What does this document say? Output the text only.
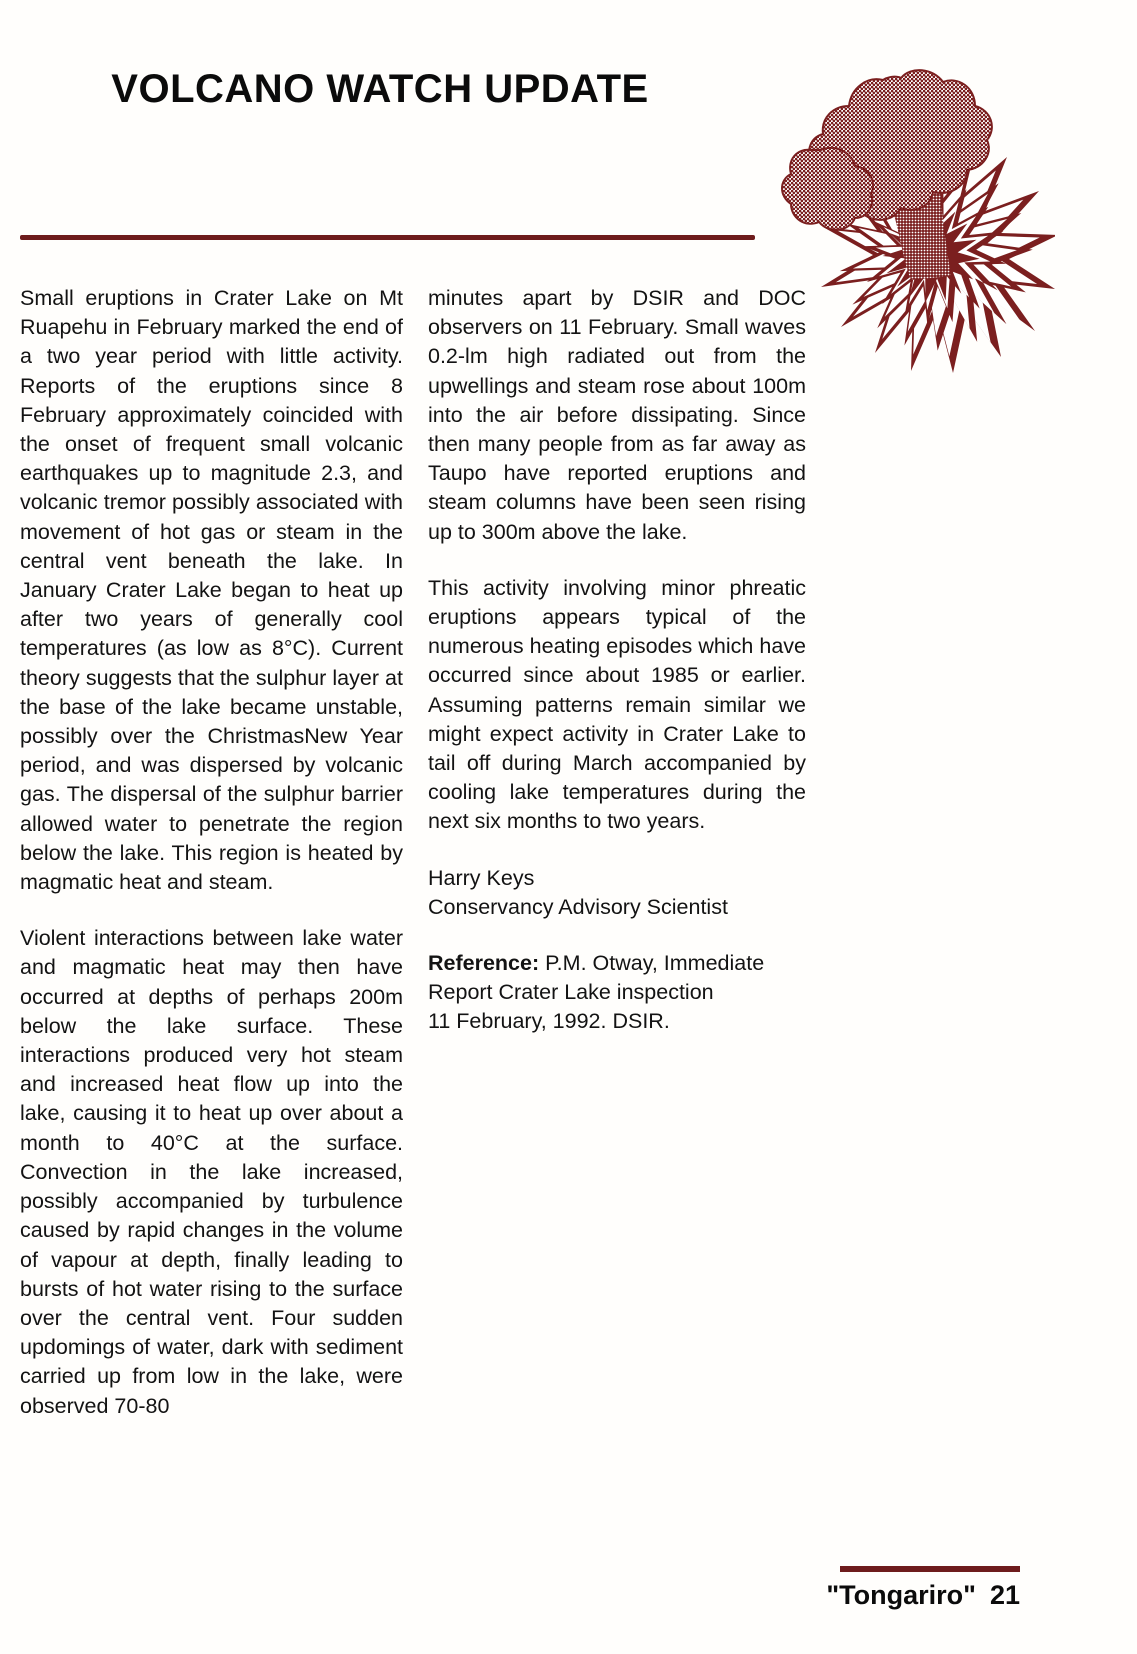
VOLCANO WATCH UPDATE

Small eruptions in Crater Lake on Mt Ruapehu in February marked the end of a two year period with little activity. Reports of the eruptions since 8 February approximately coincided with the onset of frequent small volcanic earthquakes up to magnitude 2.3, and volcanic tremor possibly associated with movement of hot gas or steam in the central vent beneath the lake. In January Crater Lake began to heat up after two years of generally cool temperatures (as low as 8°C). Current theory suggests that the sulphur layer at the base of the lake became unstable, possibly over the ChristmasNew Year period, and was dispersed by volcanic gas. The dispersal of the sulphur barrier allowed water to penetrate the region below the lake. This region is heated by magmatic heat and steam.

Violent interactions between lake water and magmatic heat may then have occurred at depths of perhaps 200m below the lake surface. These interactions produced very hot steam and increased heat flow up into the lake, causing it to heat up over about a month to 40°C at the surface. Convection in the lake increased, possibly accompanied by turbulence caused by rapid changes in the volume of vapour at depth, finally leading to bursts of hot water rising to the surface over the central vent. Four sudden updomings of water, dark with sediment carried up from low in the lake, were observed 70-80

minutes apart by DSIR and DOC observers on 11 February. Small waves 0.2-lm high radiated out from the upwellings and steam rose about 100m into the air before dissipating. Since then many people from as far away as Taupo have reported eruptions and steam columns have been seen rising up to 300m above the lake.

This activity involving minor phreatic eruptions appears typical of the numerous heating episodes which have occurred since about 1985 or earlier. Assuming patterns remain similar we might expect activity in Crater Lake to tail off during March accompanied by cooling lake temperatures during the next six months to two years.

Harry Keys
Conservancy Advisory Scientist
Reference: P.M. Otway, Immediate
Report Crater Lake inspection
11 February, 1992. DSIR.
"Tongariro" 21
